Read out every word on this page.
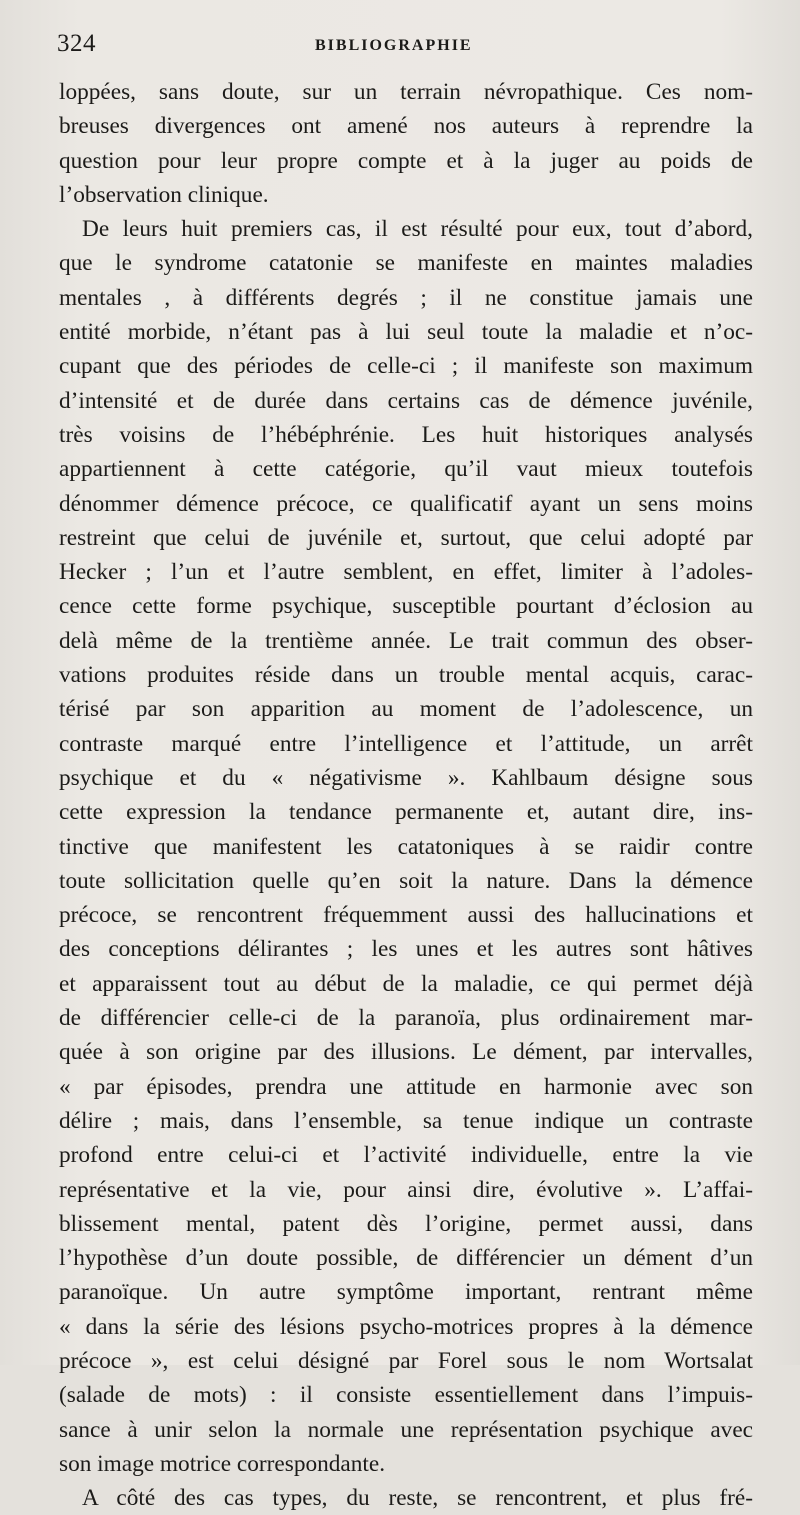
324	BIBLIOGRAPHIE
loppées, sans doute, sur un terrain névropathique. Ces nom-
breuses divergences ont amené nos auteurs à reprendre la
question pour leur propre compte et à la juger au poids de
l’observation clinique.
De leurs huit premiers cas, il est résulté pour eux, tout d’abord,
que le syndrome catatonie se manifeste en maintes maladies
mentales , à différents degrés ; il ne constitue jamais une
entité morbide, n’étant pas à lui seul toute la maladie et n’oc-
cupant que des périodes de celle-ci ; il manifeste son maximum
d’intensité et de durée dans certains cas de démence juvénile,
très voisins de l’hébéphrénie. Les huit historiques analysés
appartiennent à cette catégorie, qu’il vaut mieux toutefois
dénommer démence précoce, ce qualificatif ayant un sens moins
restreint que celui de juvénile et, surtout, que celui adopté par
Hecker ; l’un et l’autre semblent, en effet, limiter à l’adoles-
cence cette forme psychique, susceptible pourtant d’éclosion au
delà même de la trentième année. Le trait commun des obser-
vations produites réside dans un trouble mental acquis, carac-
térisé par son apparition au moment de l’adolescence, un
contraste marqué entre l’intelligence et l’attitude, un arrêt
psychique et du « négativisme ». Kahlbaum désigne sous
cette expression la tendance permanente et, autant dire, ins-
tinctive que manifestent les catatoniques à se raidir contre
toute sollicitation quelle qu’en soit la nature. Dans la démence
précoce, se rencontrent fréquemment aussi des hallucinations et
des conceptions délirantes ; les unes et les autres sont hâtives
et apparaissent tout au début de la maladie, ce qui permet déjà
de différencier celle-ci de la paranoïa, plus ordinairement mar-
quée à son origine par des illusions. Le dément, par intervalles,
« par épisodes, prendra une attitude en harmonie avec son
délire ; mais, dans l’ensemble, sa tenue indique un contraste
profond entre celui-ci et l’activité individuelle, entre la vie
représentative et la vie, pour ainsi dire, évolutive ». L’affai-
blissement mental, patent dès l’origine, permet aussi, dans
l’hypothèse d’un doute possible, de différencier un dément d’un
paranoïque. Un autre symptôme important, rentrant même
« dans la série des lésions psycho-motrices propres à la démence
précoce », est celui désigné par Forel sous le nom Wortsalat
(salade de mots) : il consiste essentiellement dans l’impuis-
sance à unir selon la normale une représentation psychique avec
son image motrice correspondante.
A côté des cas types, du reste, se rencontrent, et plus fré-
